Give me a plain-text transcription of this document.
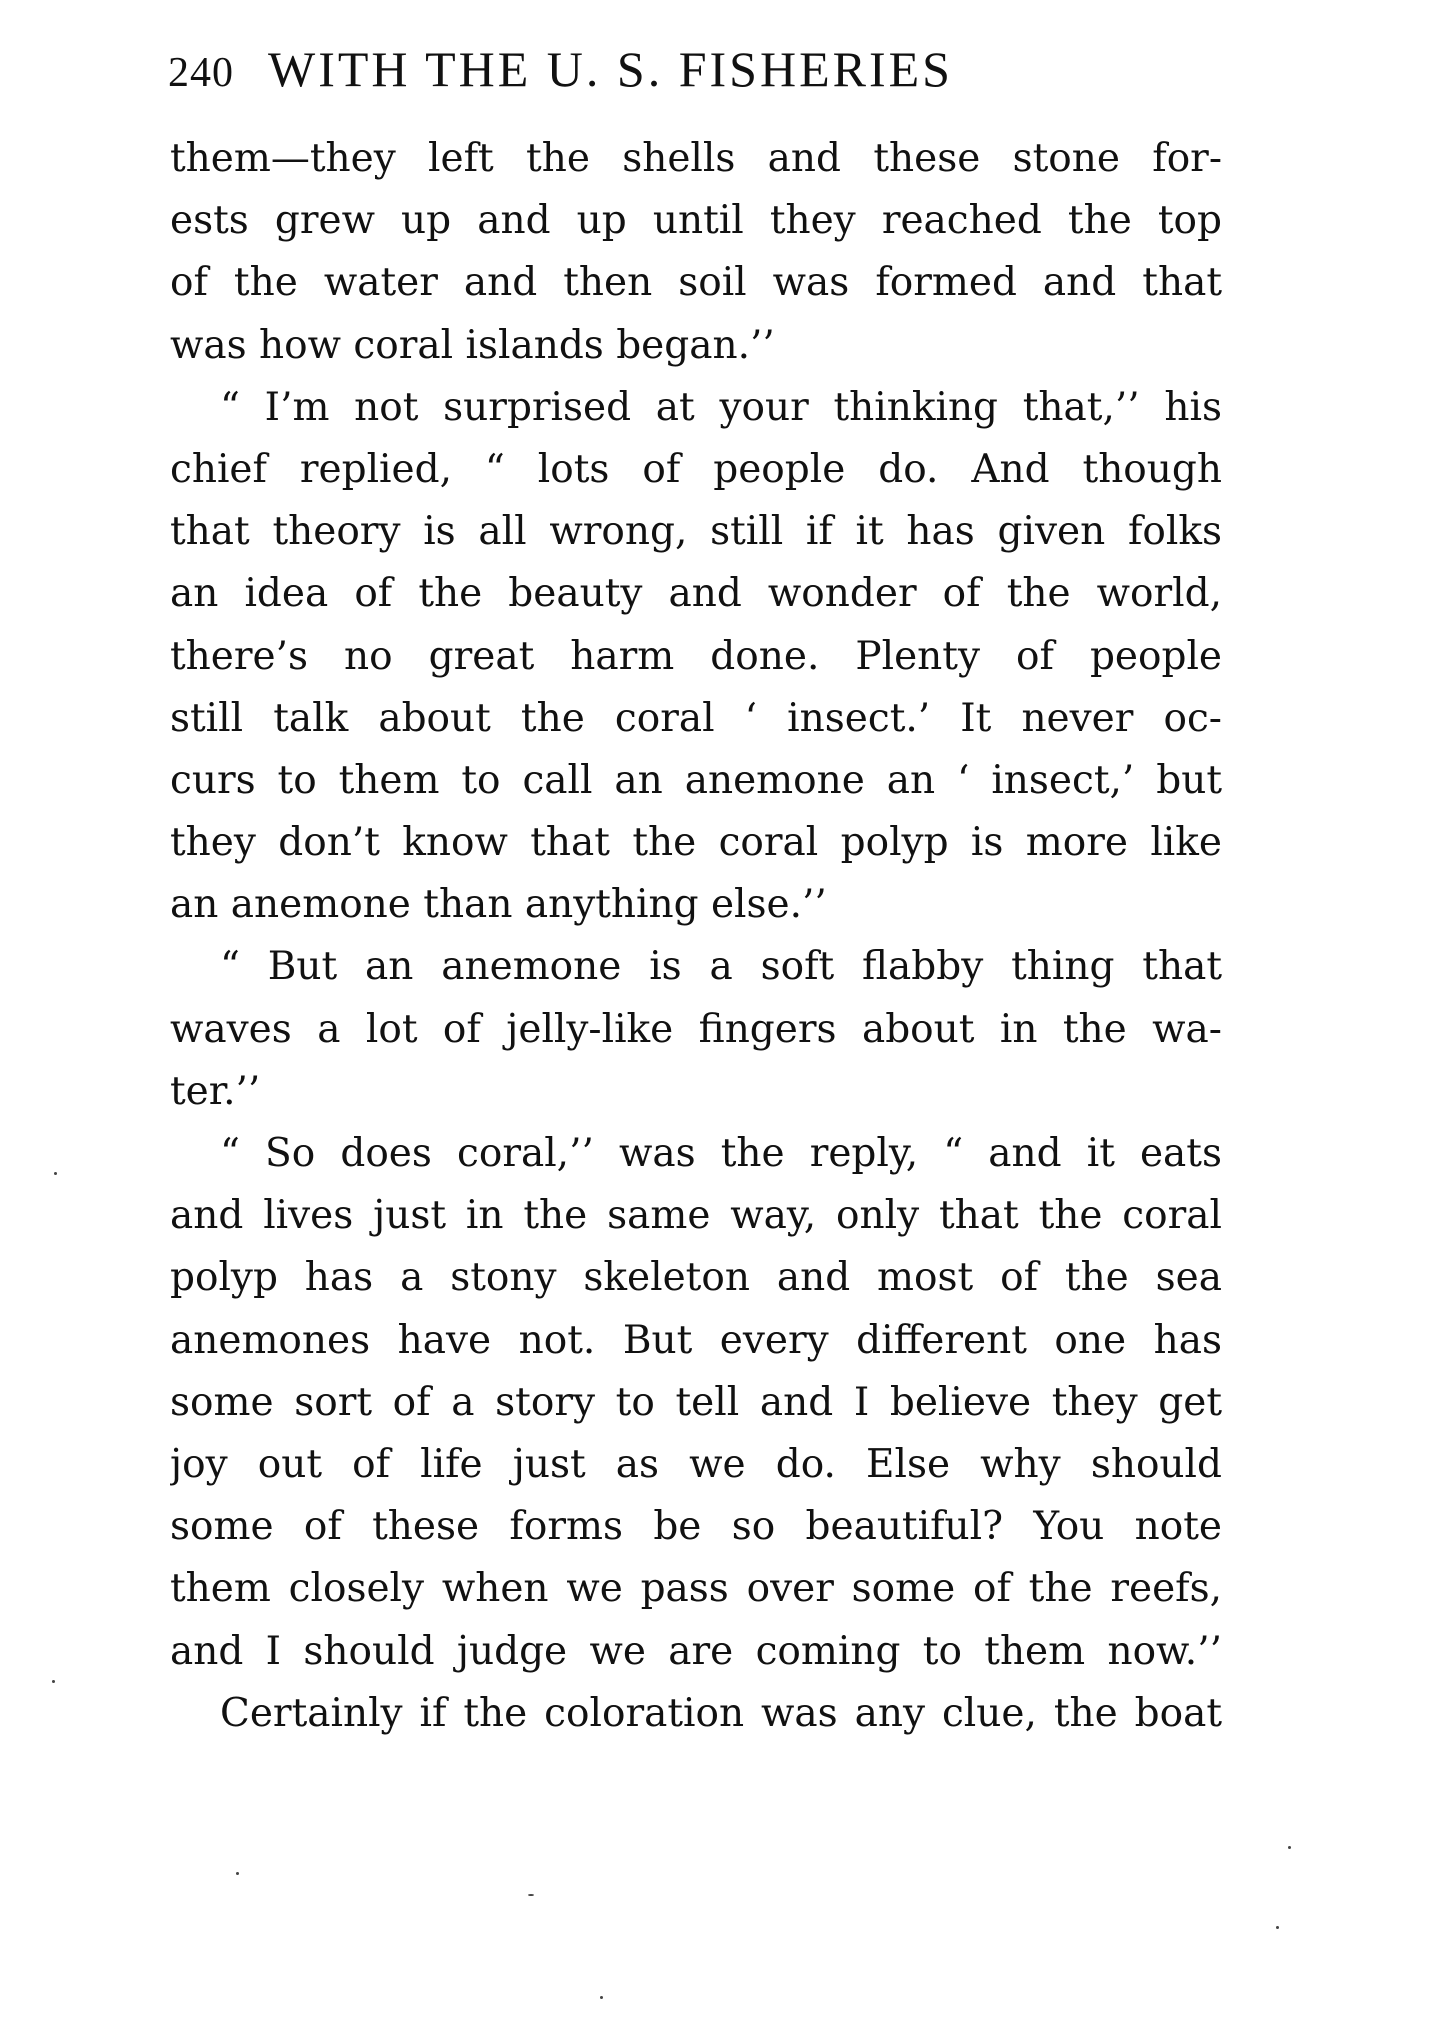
240 WITH THE U. S. FISHERIES
them—they left the shells and these stone for-
ests grew up and up until they reached the top
of the water and then soil was formed and that
was how coral islands began.’’
“ I’m not surprised at your thinking that,’’ his
chief replied, “ lots of people do. And though
that theory is all wrong, still if it has given folks
an idea of the beauty and wonder of the world,
there’s no great harm done. Plenty of people
still talk about the coral ‘ insect.’ It never oc-
curs to them to call an anemone an ‘ insect,’ but
they don’t know that the coral polyp is more like
an anemone than anything else.’’
“ But an anemone is a soft flabby thing that
waves a lot of jelly-like fingers about in the wa-
ter.’’
“ So does coral,’’ was the reply, “ and it eats
and lives just in the same way, only that the coral
polyp has a stony skeleton and most of the sea
anemones have not. But every different one has
some sort of a story to tell and I believe they get
joy out of life just as we do. Else why should
some of these forms be so beautiful? You note
them closely when we pass over some of the reefs,
and I should judge we are coming to them now.’’
Certainly if the coloration was any clue, the boat
